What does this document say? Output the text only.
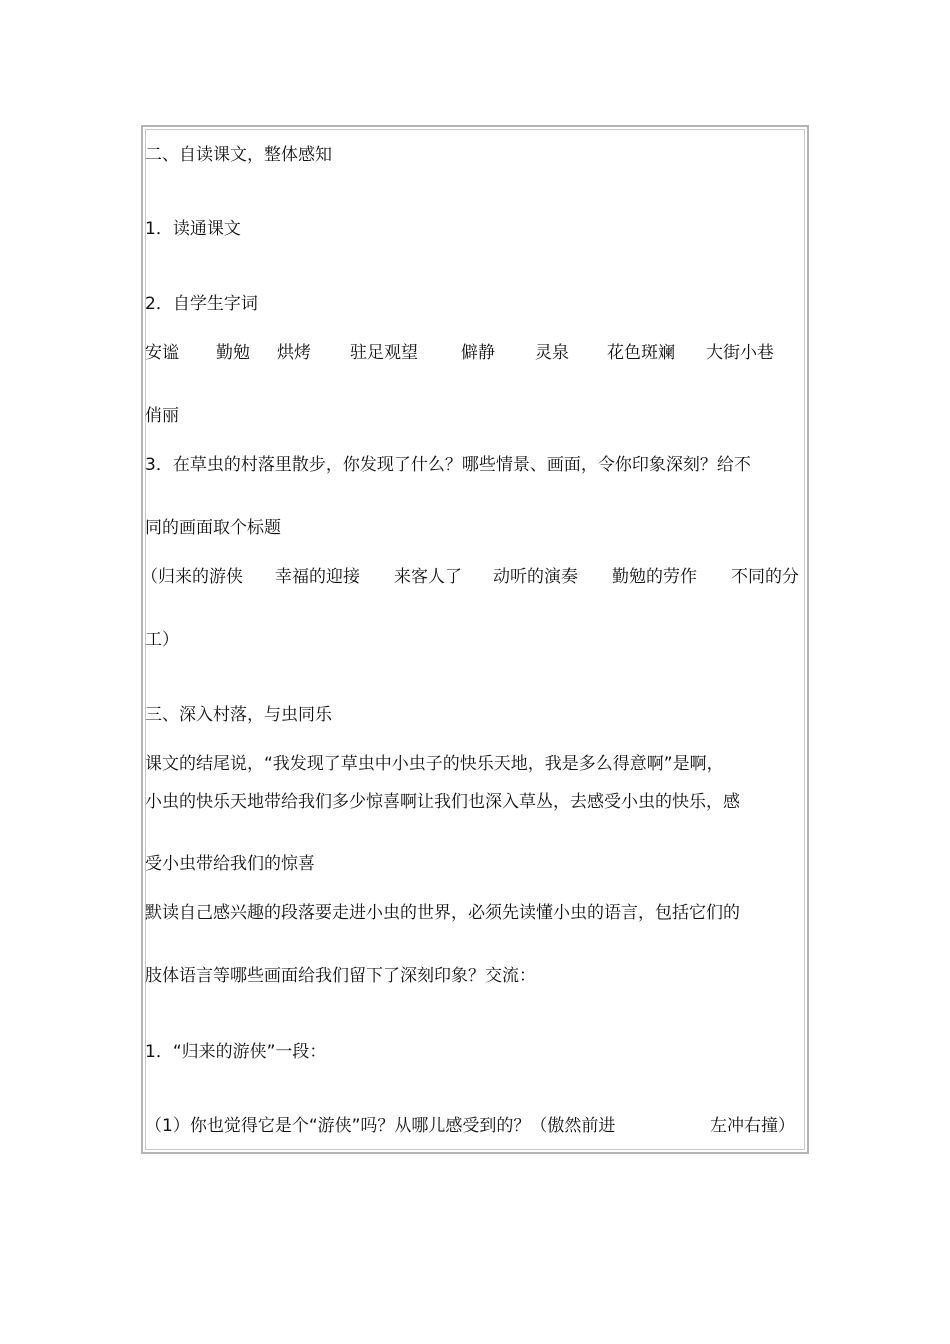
二、自读课文，整体感知
1．读通课文
2．自学生字词
安谧 勤勉 烘烤 驻足观望	僻静 灵泉 花色斑斓 大街小巷
俏丽
3．在草虫的村落里散步，你发现了什么？哪些情景、画面，令你印象深刻？给不
同的画面取个标题
（归来的游侠 幸福的迎接 来客人了 动听的演奏 勤勉的劳作 不同的分
工）
三、深入村落，与虫同乐
课文的结尾说，“我发现了草虫中小虫子的快乐天地，我是多么得意啊”是啊，
小虫的快乐天地带给我们多少惊喜啊让我们也深入草丛，去感受小虫的快乐，感
受小虫带给我们的惊喜
默读自己感兴趣的段落要走进小虫的世界，必须先读懂小虫的语言，包括它们的
肢体语言等哪些画面给我们留下了深刻印象？交流：
1．“归来的游侠”一段：
（1）你也觉得它是个“游侠”吗？从哪儿感受到的？（傲然前进	左冲右撞）
